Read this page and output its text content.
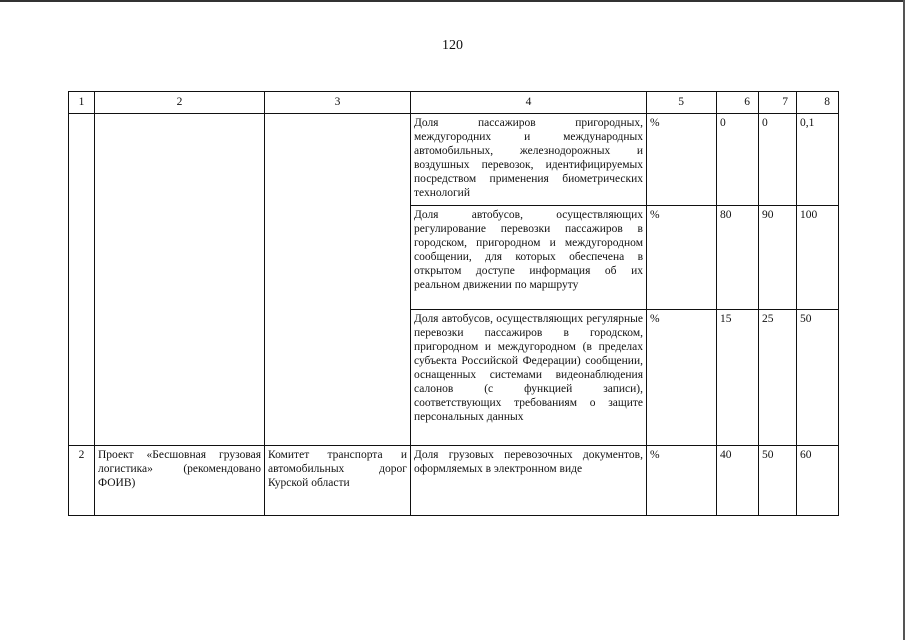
120
1	2	3	4	5	6	7	8
			Доля пассажиров пригородных, междугородних и международных автомобильных, железнодорожных и воздушных перевозок, идентифицируемых посредством применения биометрических технологий	%	0	0	0,1
			Доля автобусов, осуществляющих регулирование перевозки пассажиров в городском, пригородном и междугородном сообщении, для которых обеспечена в открытом доступе информация об их реальном движении по маршруту	%	80	90	100
			Доля автобусов, осуществляющих регулярные перевозки пассажиров в городском, пригородном и междугородном (в пределах субъекта Российской Федерации) сообщении, оснащенных системами видеонаблюдения салонов (с функцией записи), соответствующих требованиям о защите персональных данных	%	15	25	50
2	Проект «Бесшовная грузовая логистика» (рекомендовано ФОИВ)	Комитет транспорта и автомобильных дорог Курской области	Доля грузовых перевозочных документов, оформляемых в электронном виде	%	40	50	60
